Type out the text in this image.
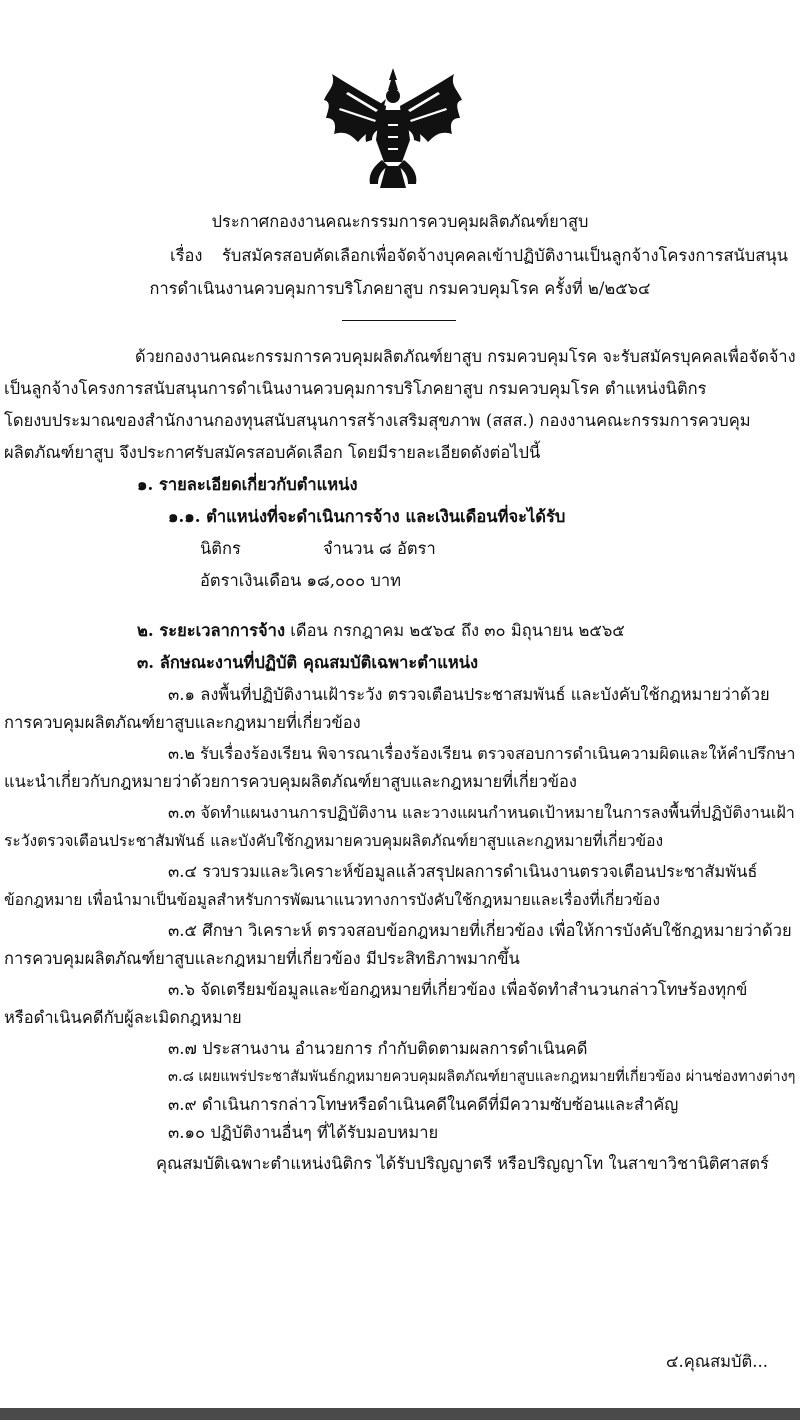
ประกาศกองงานคณะกรรมการควบคุมผลิตภัณฑ์ยาสูบ
เรื่อง รับสมัครสอบคัดเลือกเพื่อจัดจ้างบุคคลเข้าปฏิบัติงานเป็นลูกจ้างโครงการสนับสนุน
การดำเนินงานควบคุมการบริโภคยาสูบ กรมควบคุมโรค ครั้งที่ ๒/๒๕๖๔
ด้วยกองงานคณะกรรมการควบคุมผลิตภัณฑ์ยาสูบ กรมควบคุมโรค จะรับสมัครบุคคลเพื่อจัดจ้าง
เป็นลูกจ้างโครงการสนับสนุนการดำเนินงานควบคุมการบริโภคยาสูบ กรมควบคุมโรค ตำแหน่งนิติกร
โดยงบประมาณของสำนักงานกองทุนสนับสนุนการสร้างเสริมสุขภาพ (สสส.) กองงานคณะกรรมการควบคุม
ผลิตภัณฑ์ยาสูบ จึงประกาศรับสมัครสอบคัดเลือก โดยมีรายละเอียดดังต่อไปนี้
๑. รายละเอียดเกี่ยวกับตำแหน่ง
๑.๑. ตำแหน่งที่จะดำเนินการจ้าง และเงินเดือนที่จะได้รับ
นิติกร	จำนวน ๘ อัตรา
อัตราเงินเดือน ๑๘,๐๐๐ บาท
๒. ระยะเวลาการจ้าง เดือน กรกฎาคม ๒๕๖๔ ถึง ๓๐ มิถุนายน ๒๕๖๕
๓. ลักษณะงานที่ปฏิบัติ คุณสมบัติเฉพาะตำแหน่ง
๓.๑ ลงพื้นที่ปฏิบัติงานเฝ้าระวัง ตรวจเตือนประชาสมพันธ์ และบังคับใช้กฎหมายว่าด้วย
การควบคุมผลิตภัณฑ์ยาสูบและกฎหมายที่เกี่ยวข้อง
๓.๒ รับเรื่องร้องเรียน พิจารณาเรื่องร้องเรียน ตรวจสอบการดำเนินความผิดและให้คำปรึกษา
แนะนำเกี่ยวกับกฎหมายว่าด้วยการควบคุมผลิตภัณฑ์ยาสูบและกฎหมายที่เกี่ยวข้อง
๓.๓ จัดทำแผนงานการปฏิบัติงาน และวางแผนกำหนดเป้าหมายในการลงพื้นที่ปฏิบัติงานเฝ้า
ระวังตรวจเตือนประชาสัมพันธ์ และบังคับใช้กฎหมายควบคุมผลิตภัณฑ์ยาสูบและกฎหมายที่เกี่ยวข้อง
๓.๔ รวบรวมและวิเคราะห์ข้อมูลแล้วสรุปผลการดำเนินงานตรวจเตือนประชาสัมพันธ์
ข้อกฎหมาย เพื่อนำมาเป็นข้อมูลสำหรับการพัฒนาแนวทางการบังคับใช้กฎหมายและเรื่องที่เกี่ยวข้อง
๓.๕ ศึกษา วิเคราะห์ ตรวจสอบข้อกฎหมายที่เกี่ยวข้อง เพื่อให้การบังคับใช้กฎหมายว่าด้วย
การควบคุมผลิตภัณฑ์ยาสูบและกฎหมายที่เกี่ยวข้อง มีประสิทธิภาพมากขึ้น
๓.๖ จัดเตรียมข้อมูลและข้อกฎหมายที่เกี่ยวข้อง เพื่อจัดทำสำนวนกล่าวโทษร้องทุกข์
หรือดำเนินคดีกับผู้ละเมิดกฎหมาย
๓.๗ ประสานงาน อำนวยการ กำกับติดตามผลการดำเนินคดี
๓.๘ เผยแพร่ประชาสัมพันธ์กฎหมายควบคุมผลิตภัณฑ์ยาสูบและกฎหมายที่เกี่ยวข้อง ผ่านช่องทางต่างๆ
๓.๙ ดำเนินการกล่าวโทษหรือดำเนินคดีในคดีที่มีความซับซ้อนและสำคัญ
๓.๑๐ ปฏิบัติงานอื่นๆ ที่ได้รับมอบหมาย
คุณสมบัติเฉพาะตำแหน่งนิติกร ได้รับปริญญาตรี หรือปริญญาโท ในสาขาวิชานิติศาสตร์
๔.คุณสมบัติ...
